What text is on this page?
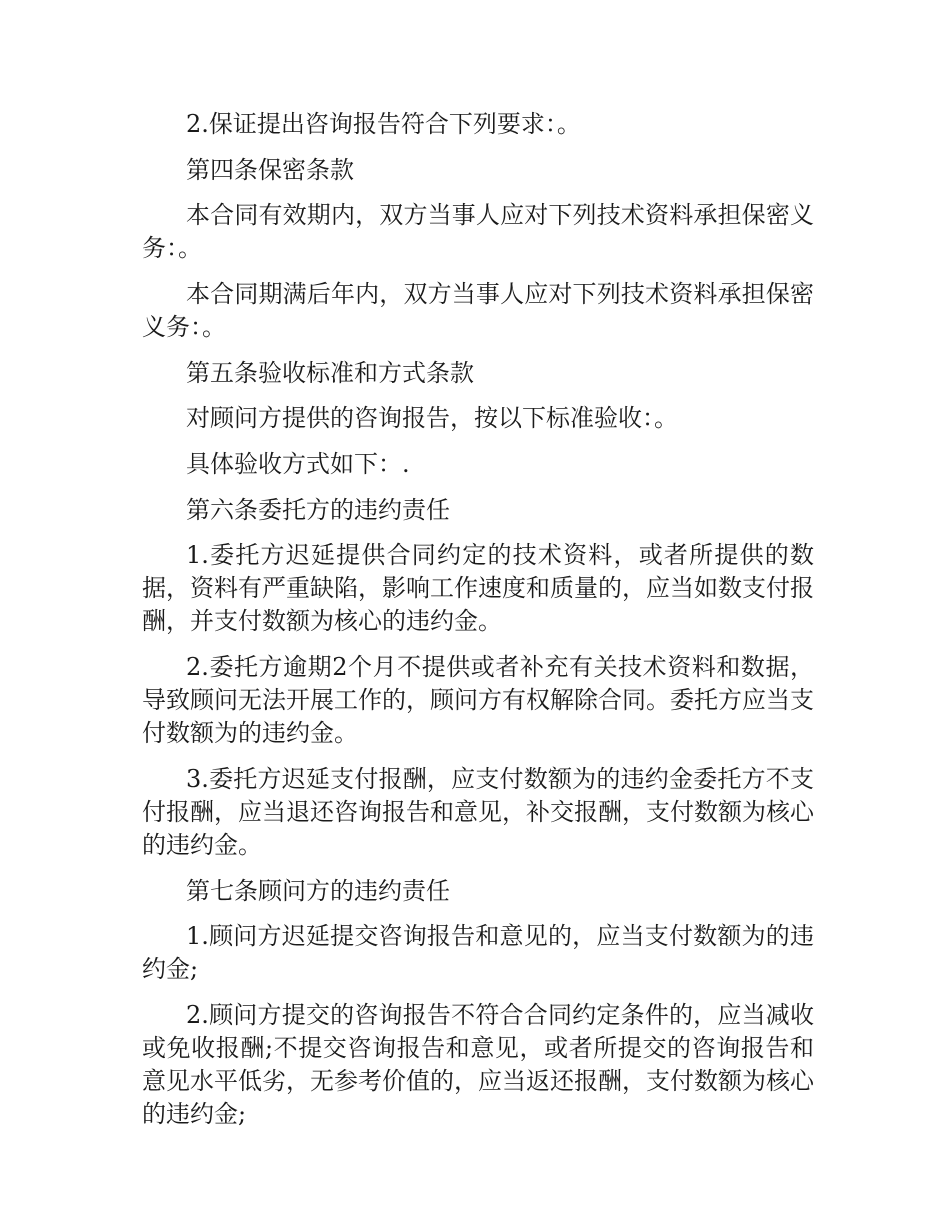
2.保证提出咨询报告符合下列要求：。

第四条保密条款

本合同有效期内，双方当事人应对下列技术资料承担保密义务：。

本合同期满后年内，双方当事人应对下列技术资料承担保密义务：。

第五条验收标准和方式条款

对顾问方提供的咨询报告，按以下标准验收：。

具体验收方式如下：.

第六条委托方的违约责任

1.委托方迟延提供合同约定的技术资料，或者所提供的数据，资料有严重缺陷，影响工作速度和质量的，应当如数支付报酬，并支付数额为核心的违约金。

2.委托方逾期2个月不提供或者补充有关技术资料和数据，导致顾问无法开展工作的，顾问方有权解除合同。委托方应当支付数额为的违约金。

3.委托方迟延支付报酬，应支付数额为的违约金委托方不支付报酬，应当退还咨询报告和意见，补交报酬，支付数额为核心的违约金。

第七条顾问方的违约责任

1.顾问方迟延提交咨询报告和意见的，应当支付数额为的违约金;

2.顾问方提交的咨询报告不符合合同约定条件的，应当减收或免收报酬;不提交咨询报告和意见，或者所提交的咨询报告和意见水平低劣，无参考价值的，应当返还报酬，支付数额为核心的违约金;
